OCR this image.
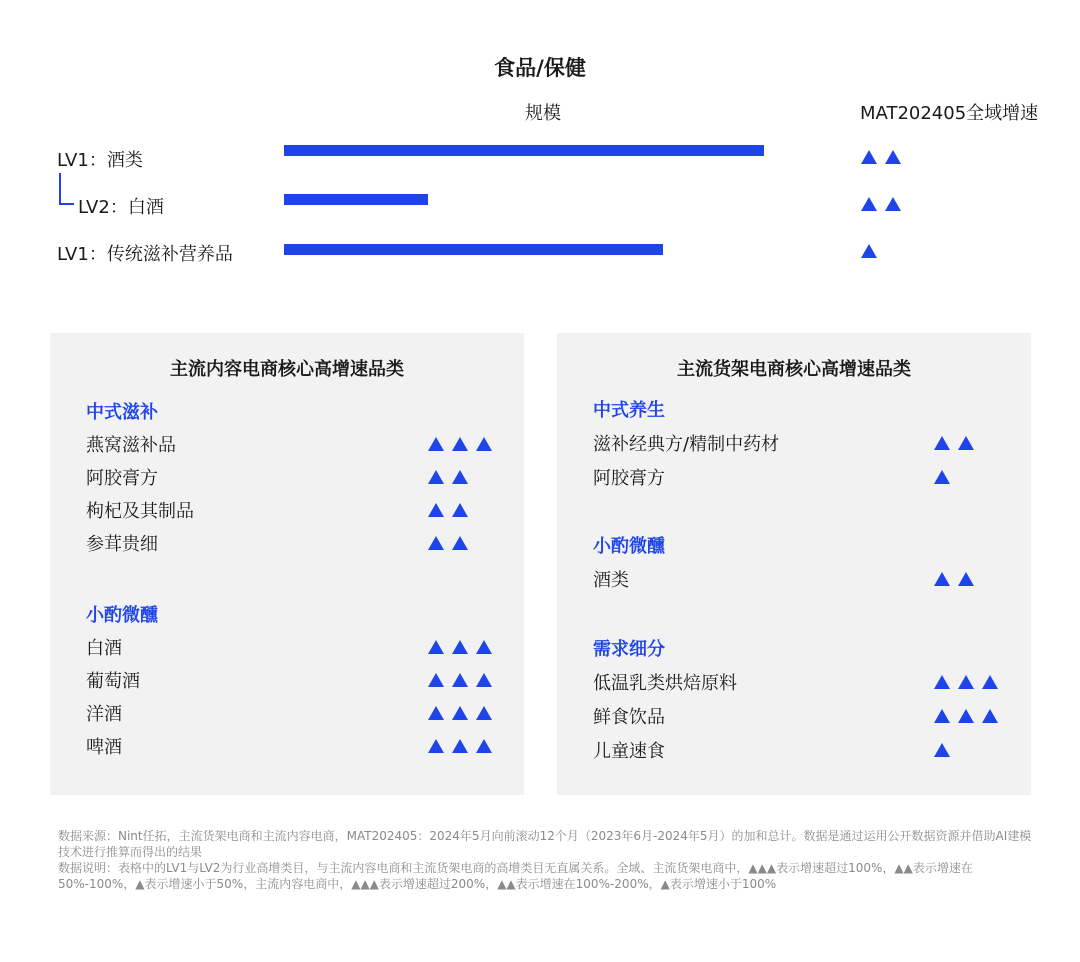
食品/保健
规模	MAT202405全域增速
LV1：酒类
LV2：白酒
LV1：传统滋补营养品
主流内容电商核心高增速品类
中式滋补
燕窝滋补品
阿胶膏方
枸杞及其制品
参茸贵细
小酌微醺
白酒
葡萄酒
洋酒
啤酒
主流货架电商核心高增速品类
中式养生
滋补经典方/精制中药材
阿胶膏方
小酌微醺
酒类
需求细分
低温乳类烘焙原料
鲜食饮品
儿童速食
数据来源：Nint任拓，主流货架电商和主流内容电商，MAT202405：2024年5月向前滚动12个月（2023年6月-2024年5月）的加和总计。数据是通过运用公开数据资源并借助AI建模技术进行推算而得出的结果
数据说明：表格中的LV1与LV2为行业高增类目，与主流内容电商和主流货架电商的高增类目无直属关系。全域、主流货架电商中，▲▲▲表示增速超过100%，▲▲表示增速在50%-100%，▲表示增速小于50%，主流内容电商中，▲▲▲表示增速超过200%，▲▲表示增速在100%-200%，▲表示增速小于100%
